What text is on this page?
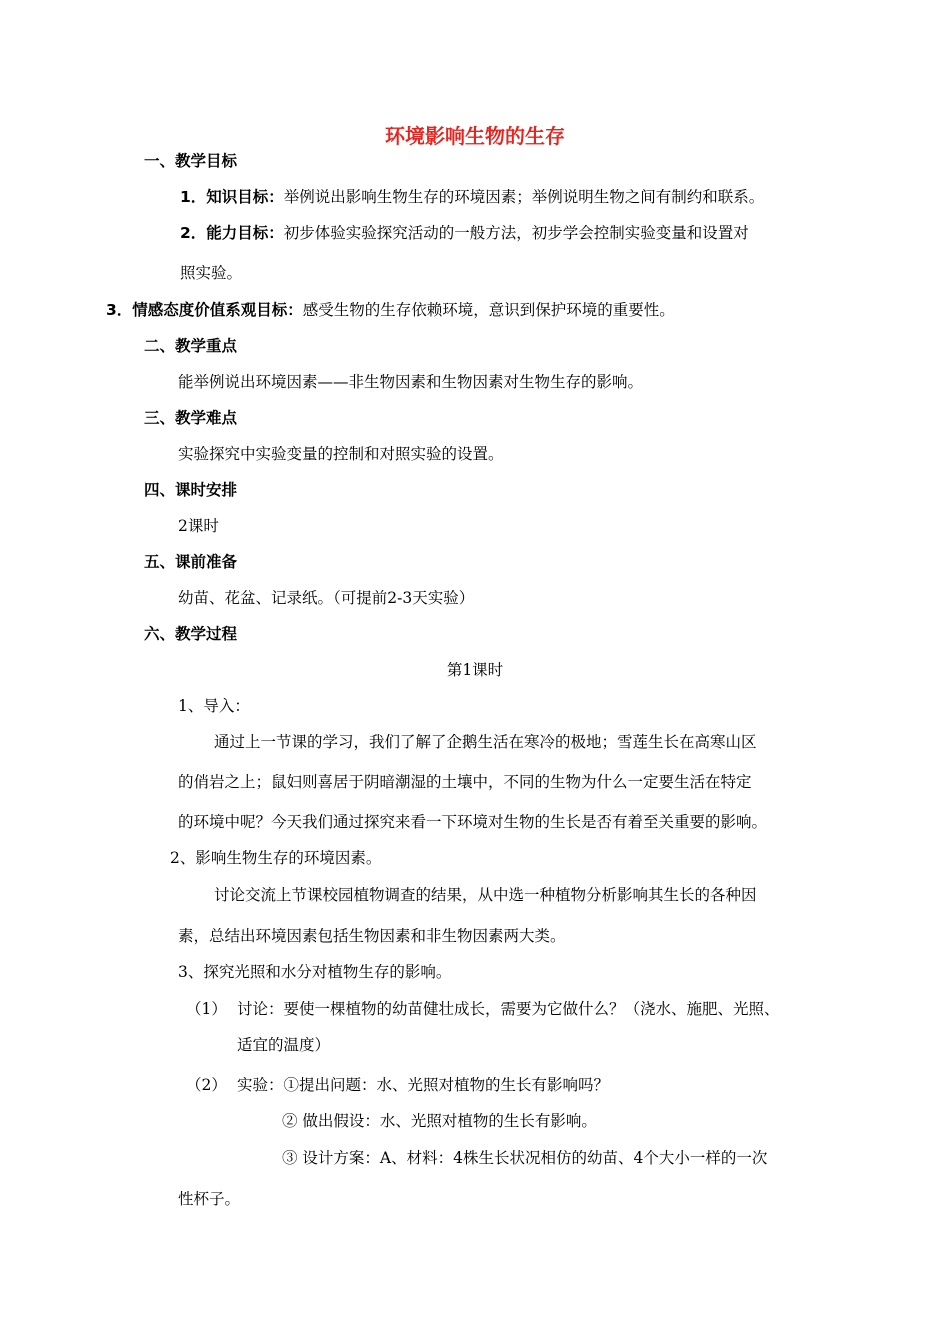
环境影响生物的生存
一、教学目标
1．知识目标：举例说出影响生物生存的环境因素；举例说明生物之间有制约和联系。
2．能力目标：初步体验实验探究活动的一般方法，初步学会控制实验变量和设置对
照实验。
3．情感态度价值系观目标：感受生物的生存依赖环境，意识到保护环境的重要性。
二、教学重点
能举例说出环境因素——非生物因素和生物因素对生物生存的影响。
三、教学难点
实验探究中实验变量的控制和对照实验的设置。
四、课时安排
2课时
五、课前准备
幼苗、花盆、记录纸。（可提前2-3天实验）
六、教学过程
第1课时
1、导入：
通过上一节课的学习，我们了解了企鹅生活在寒冷的极地；雪莲生长在高寒山区
的俏岩之上；鼠妇则喜居于阴暗潮湿的土壤中，不同的生物为什么一定要生活在特定
的环境中呢？今天我们通过探究来看一下环境对生物的生长是否有着至关重要的影响。
2、影响生物生存的环境因素。
讨论交流上节课校园植物调查的结果，从中选一种植物分析影响其生长的各种因
素，总结出环境因素包括生物因素和非生物因素两大类。
3、探究光照和水分对植物生存的影响。
（1） 讨论：要使一棵植物的幼苗健壮成长，需要为它做什么？（浇水、施肥、光照、
适宜的温度）
（2） 实验：①提出问题：水、光照对植物的生长有影响吗？
② 做出假设：水、光照对植物的生长有影响。
③ 设计方案：A、材料：4株生长状况相仿的幼苗、4个大小一样的一次
性杯子。
